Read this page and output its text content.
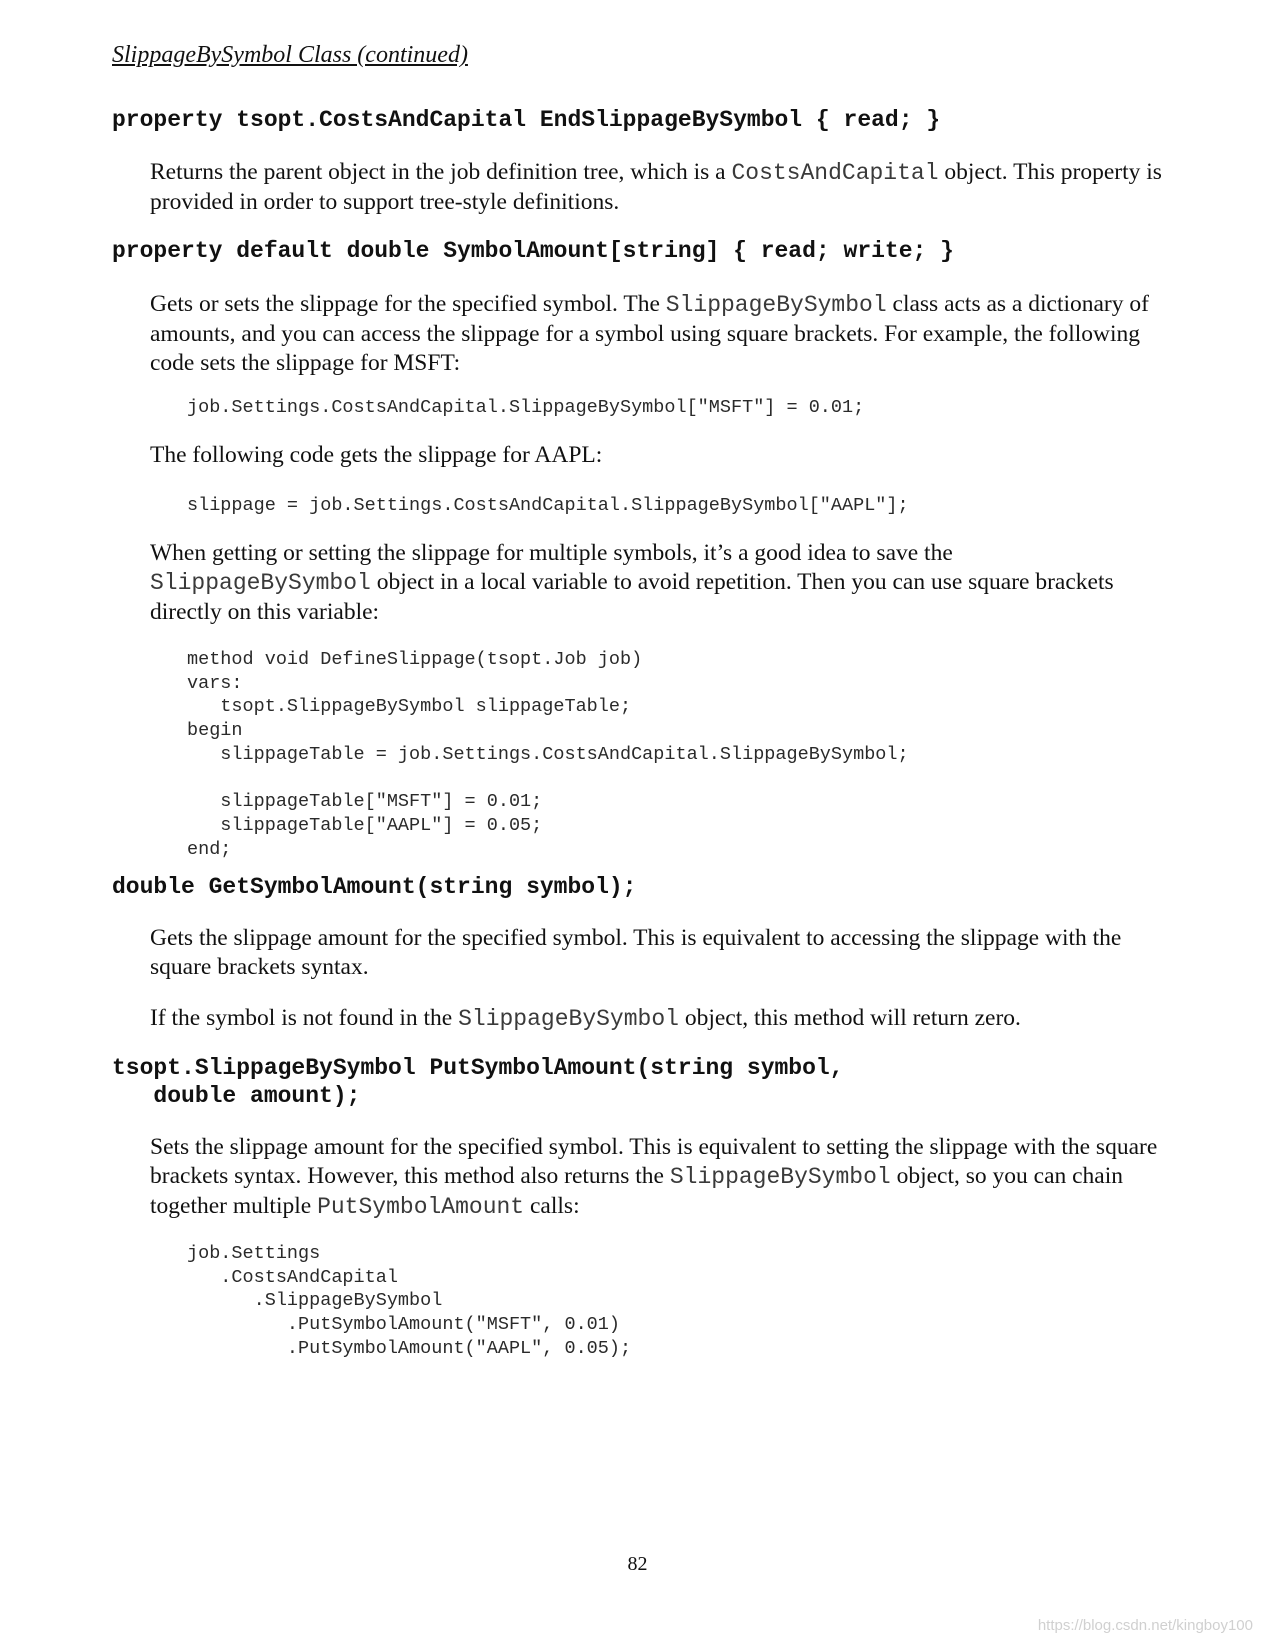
SlippageBySymbol Class (continued)
property tsopt.CostsAndCapital EndSlippageBySymbol { read; }
Returns the parent object in the job definition tree, which is a CostsAndCapital object. This property is provided in order to support tree-style definitions.
property default double SymbolAmount[string] { read; write; }
Gets or sets the slippage for the specified symbol. The SlippageBySymbol class acts as a dictionary of amounts, and you can access the slippage for a symbol using square brackets. For example, the following code sets the slippage for MSFT:
job.Settings.CostsAndCapital.SlippageBySymbol["MSFT"] = 0.01;
The following code gets the slippage for AAPL:
slippage = job.Settings.CostsAndCapital.SlippageBySymbol["AAPL"];
When getting or setting the slippage for multiple symbols, it’s a good idea to save the SlippageBySymbol object in a local variable to avoid repetition. Then you can use square brackets directly on this variable:
method void DefineSlippage(tsopt.Job job)
vars:
tsopt.SlippageBySymbol slippageTable;
begin
slippageTable = job.Settings.CostsAndCapital.SlippageBySymbol;

slippageTable["MSFT"] = 0.01;
slippageTable["AAPL"] = 0.05;
end;
double GetSymbolAmount(string symbol);
Gets the slippage amount for the specified symbol. This is equivalent to accessing the slippage with the square brackets syntax.
If the symbol is not found in the SlippageBySymbol object, this method will return zero.
tsopt.SlippageBySymbol PutSymbolAmount(string symbol,
double amount);
Sets the slippage amount for the specified symbol. This is equivalent to setting the slippage with the square brackets syntax. However, this method also returns the SlippageBySymbol object, so you can chain together multiple PutSymbolAmount calls:
job.Settings
.CostsAndCapital
.SlippageBySymbol
.PutSymbolAmount("MSFT", 0.01)
.PutSymbolAmount("AAPL", 0.05);
82
https://blog.csdn.net/kingboy100
